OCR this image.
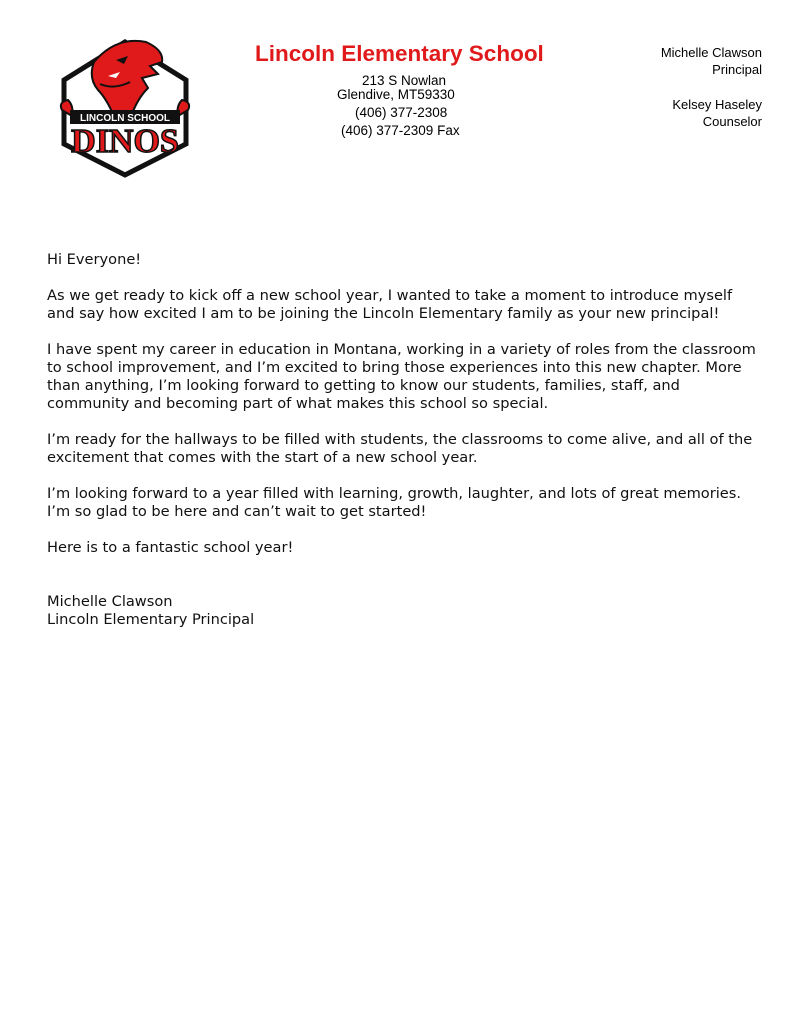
LINCOLN SCHOOL
DINOS
Lincoln Elementary School
213 S Nowlan
Glendive, MT59330
(406) 377-2308
(406) 377-2309 Fax
Michelle Clawson
Principal
Kelsey Haseley
Counselor

Hi Everyone!

As we get ready to kick off a new school year, I wanted to take a moment to introduce myself and say how excited I am to be joining the Lincoln Elementary family as your new principal!

I have spent my career in education in Montana, working in a variety of roles from the classroom to school improvement, and I’m excited to bring those experiences into this new chapter. More than anything, I’m looking forward to getting to know our students, families, staff, and community and becoming part of what makes this school so special.

I’m ready for the hallways to be filled with students, the classrooms to come alive, and all of the excitement that comes with the start of a new school year.

I’m looking forward to a year filled with learning, growth, laughter, and lots of great memories. I’m so glad to be here and can’t wait to get started!

Here is to a fantastic school year!

Michelle Clawson
Lincoln Elementary Principal
